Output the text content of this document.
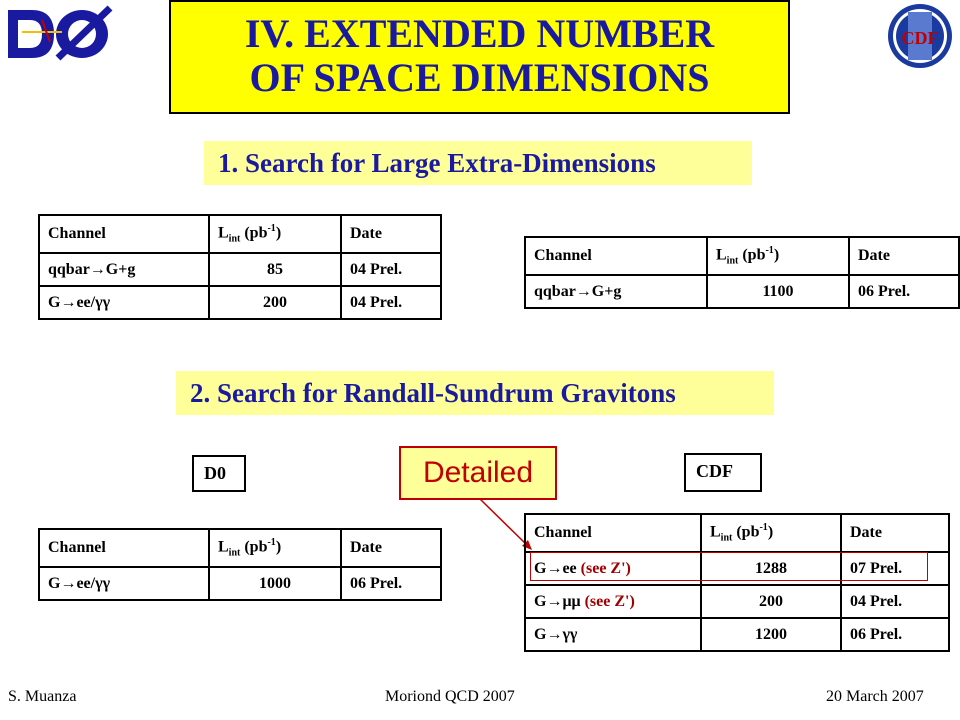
CDF
IV. EXTENDED NUMBER
OF SPACE DIMENSIONS
1. Search for Large Extra-Dimensions
Channel	$L_{int}$ $(pb^{-1})$	Date
qqbar→G+g	85	04 Prel.
G→ee/γγ	200	04 Prel.
Channel	$L_{int}$ $(pb^{-1})$	Date
qqbar→G+g	1100	06 Prel.
2. Search for Randall-Sundrum Gravitons
D0	Detailed	CDF
Channel	$L_{int}$ $(pb^{-1})$	Date
G→ee/γγ	1000	06 Prel.
Channel	$L_{int}$ $(pb^{-1})$	Date
G→ee (see Z')	1288	07 Prel.
G→μμ (see Z')	200	04 Prel.
G→γγ	1200	06 Prel.
S. Muanza	Moriond QCD 2007	20 March 2007
